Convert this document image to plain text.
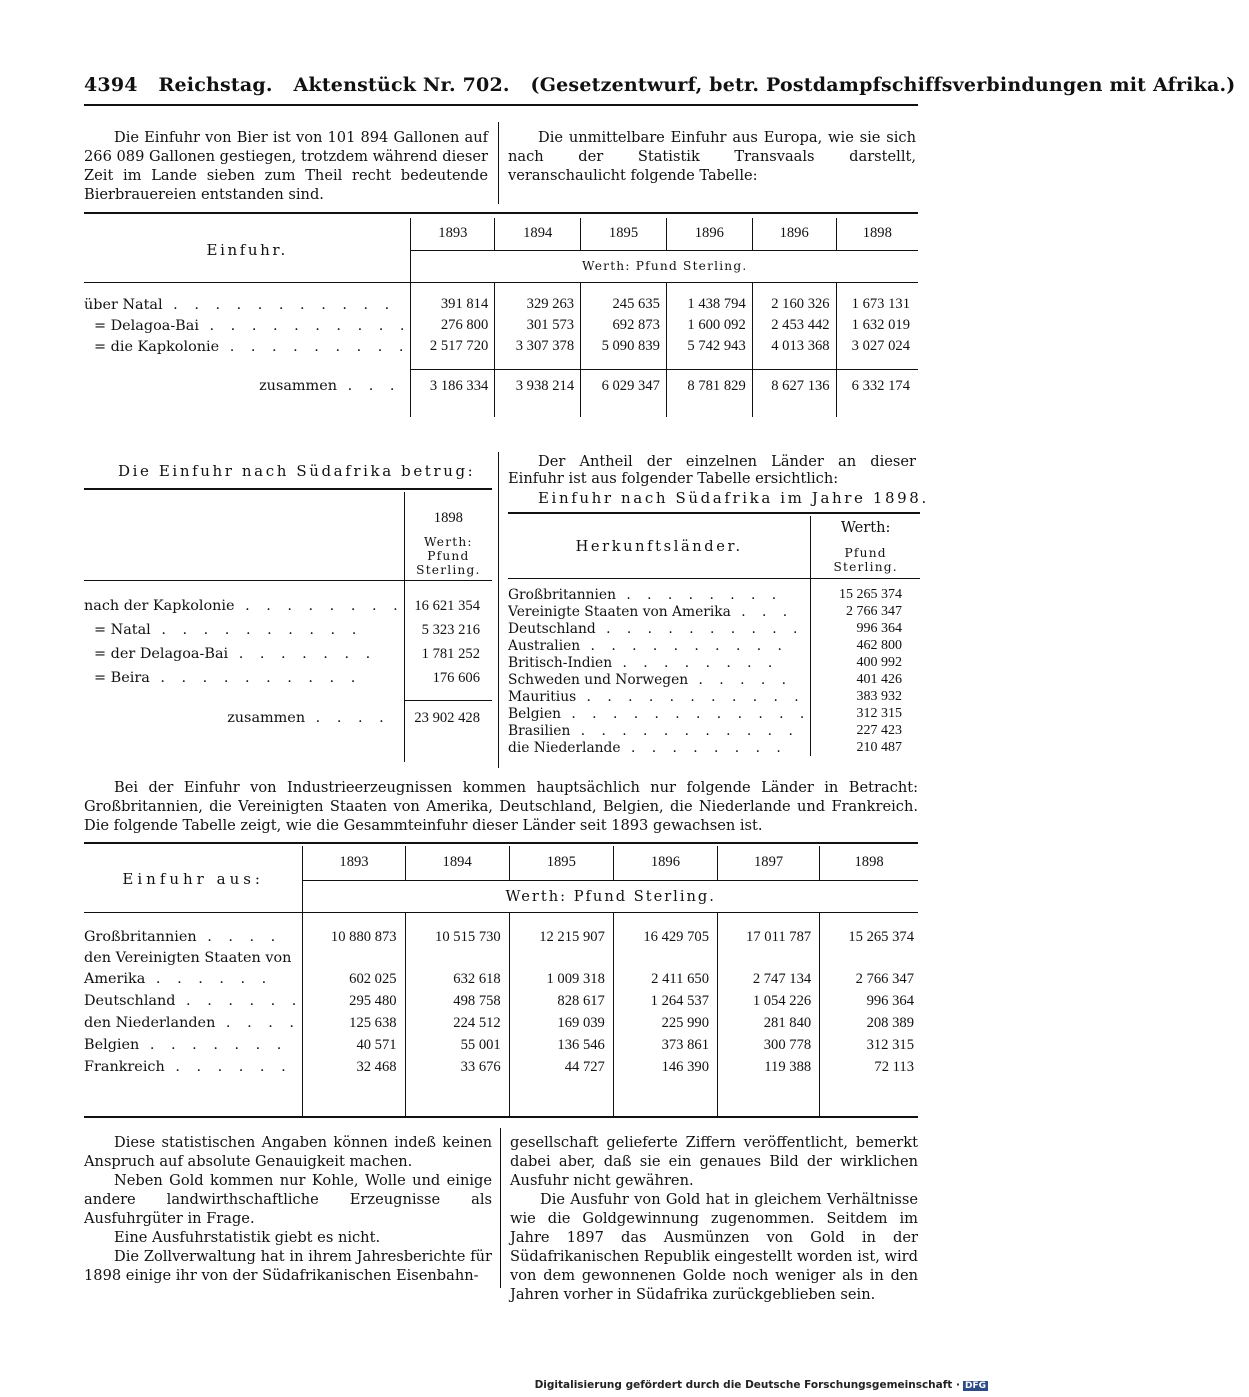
4394 Reichstag. Aktenstück Nr. 702. (Gesetzentwurf, betr. Postdampfschiffsverbindungen mit Afrika.)
Die Einfuhr von Bier ist von 101 894 Gallonen auf 266 089 Gallonen gestiegen, trotzdem während dieser Zeit im Lande sieben zum Theil recht bedeutende Bierbrauereien entstanden sind.
Die unmittelbare Einfuhr aus Europa, wie sie sich nach der Statistik Transvaals darstellt, veranschaulicht folgende Tabelle:
Einfuhr.	1893	1894	1895	1896	1896	1898
	Werth: Pfund Sterling.					

über Natal . . . . . . . . . . .	391 814	329 263	245 635	1 438 794	2 160 326	1 673 131
= Delagoa-Bai . . . . . . . . . .	276 800	301 573	692 873	1 600 092	2 453 442	1 632 019
= die Kapkolonie . . . . . . . . .	2 517 720	3 307 378	5 090 839	5 742 943	4 013 368	3 027 024

zusammen . . .	3 186 334	3 938 214	6 029 347	8 781 829	8 627 136	6 332 174

Die Einfuhr nach Südafrika betrug:

	1898
Werth:
Pfund Sterling.

nach der Kapkolonie . . . . . . . .	16 621 354
= Natal . . . . . . . . . .	5 323 216
= der Delagoa-Bai . . . . . . .	1 781 252
= Beira . . . . . . . . . .	176 606

zusammen . . . .	23 902 428

Der Antheil der einzelnen Länder an dieser Einfuhr ist aus folgender Tabelle ersichtlich:
Einfuhr nach Südafrika im Jahre 1898.
Herkunftsländer.	Werth:
Pfund Sterling.

Großbritannien . . . . . . . .	15 265 374
Vereinigte Staaten von Amerika . . .	2 766 347
Deutschland . . . . . . . . . .	996 364
Australien . . . . . . . . . .	462 800
Britisch-Indien . . . . . . . .	400 992
Schweden und Norwegen . . . . .	401 426
Mauritius . . . . . . . . . . .	383 932
Belgien . . . . . . . . . . . .	312 315
Brasilien . . . . . . . . . . .	227 423
die Niederlande . . . . . . . .	210 487
Bei der Einfuhr von Industrieerzeugnissen kommen hauptsächlich nur folgende Länder in Betracht: Großbritannien, die Vereinigten Staaten von Amerika, Deutschland, Belgien, die Niederlande und Frankreich. Die folgende Tabelle zeigt, wie die Gesammteinfuhr dieser Länder seit 1893 gewachsen ist.
Einfuhr aus:	1893	1894	1895	1896	1897	1898
	Werth: Pfund Sterling.					

Großbritannien . . . .	10 880 873	10 515 730	12 215 907	16 429 705	17 011 787	15 265 374
den Vereinigten Staaten von						
Amerika . . . . . .	602 025	632 618	1 009 318	2 411 650	2 747 134	2 766 347
Deutschland . . . . . .	295 480	498 758	828 617	1 264 537	1 054 226	996 364
den Niederlanden . . . .	125 638	224 512	169 039	225 990	281 840	208 389
Belgien . . . . . . .	40 571	55 001	136 546	373 861	300 778	312 315
Frankreich . . . . . .	32 468	33 676	44 727	146 390	119 388	72 113

Diese statistischen Angaben können indeß keinen Anspruch auf absolute Genauigkeit machen.

Neben Gold kommen nur Kohle, Wolle und einige andere landwirthschaftliche Erzeugnisse als Ausfuhrgüter in Frage.

Eine Ausfuhrstatistik giebt es nicht.

Die Zollverwaltung hat in ihrem Jahresberichte für 1898 einige ihr von der Südafrikanischen Eisenbahn-

gesellschaft gelieferte Ziffern veröffentlicht, bemerkt dabei aber, daß sie ein genaues Bild der wirklichen Ausfuhr nicht gewähren.

Die Ausfuhr von Gold hat in gleichem Verhältnisse wie die Goldgewinnung zugenommen. Seitdem im Jahre 1897 das Ausmünzen von Gold in der Südafrikanischen Republik eingestellt worden ist, wird von dem gewonnenen Golde noch weniger als in den Jahren vorher in Südafrika zurückgeblieben sein.

Digitalisierung gefördert durch die Deutsche Forschungsgemeinschaft · DFG
